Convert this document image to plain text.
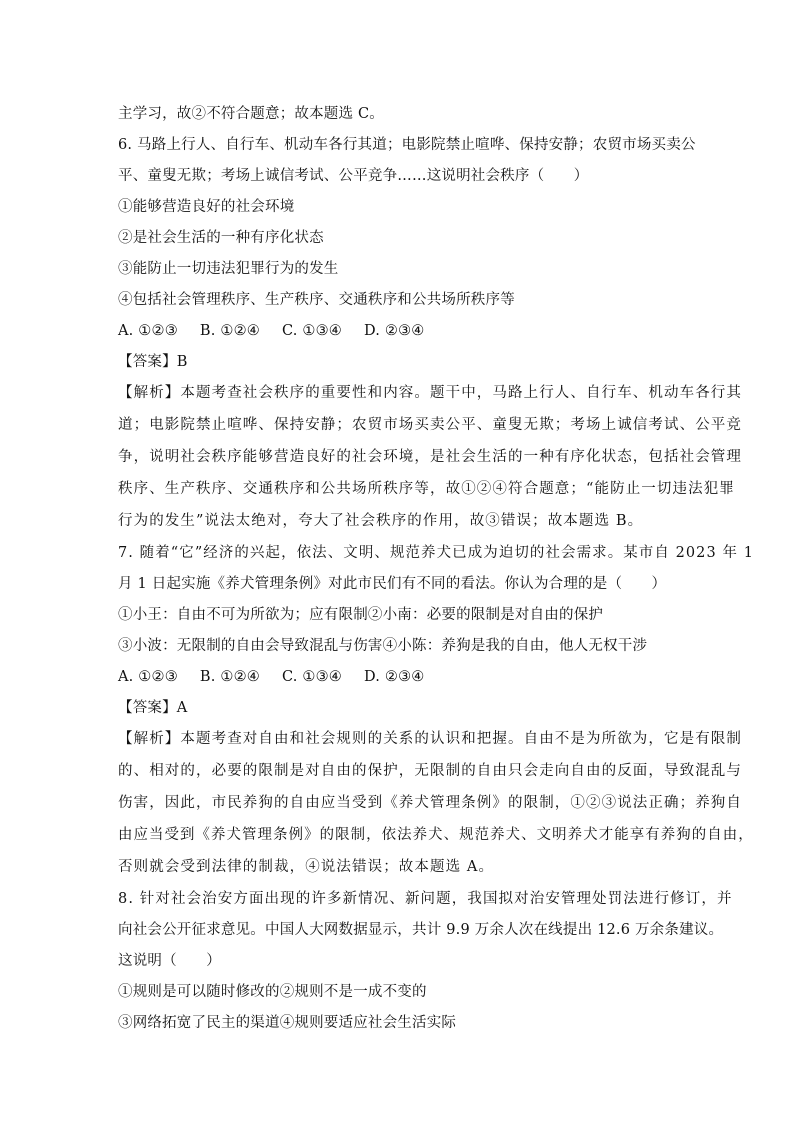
主学习，故②不符合题意；故本题选 C。
6. 马路上行人、自行车、机动车各行其道；电影院禁止喧哗、保持安静；农贸市场买卖公
平、童叟无欺；考场上诚信考试、公平竞争……这说明社会秩序（　　）
①能够营造良好的社会环境
②是社会生活的一种有序化状态
③能防止一切违法犯罪行为的发生
④包括社会管理秩序、生产秩序、交通秩序和公共场所秩序等
A. ①②③ B. ①②④ C. ①③④ D. ②③④
【答案】B
【解析】本题考查社会秩序的重要性和内容。题干中，马路上行人、自行车、机动车各行其
道；电影院禁止喧哗、保持安静；农贸市场买卖公平、童叟无欺；考场上诚信考试、公平竞
争，说明社会秩序能够营造良好的社会环境，是社会生活的一种有序化状态，包括社会管理
秩序、生产秩序、交通秩序和公共场所秩序等，故①②④符合题意；“能防止一切违法犯罪
行为的发生”说法太绝对，夸大了社会秩序的作用，故③错误；故本题选 B。
7. 随着“它”经济的兴起，依法、文明、规范养犬已成为迫切的社会需求。某市自 2023 年 1
月 1 日起实施《养犬管理条例》对此市民们有不同的看法。你认为合理的是（　　）
①小王：自由不可为所欲为；应有限制②小南：必要的限制是对自由的保护
③小波：无限制的自由会导致混乱与伤害④小陈：养狗是我的自由，他人无权干涉
A. ①②③ B. ①②④ C. ①③④ D. ②③④
【答案】A
【解析】本题考查对自由和社会规则的关系的认识和把握。自由不是为所欲为，它是有限制
的、相对的，必要的限制是对自由的保护，无限制的自由只会走向自由的反面，导致混乱与
伤害，因此，市民养狗的自由应当受到《养犬管理条例》的限制，①②③说法正确；养狗自
由应当受到《养犬管理条例》的限制，依法养犬、规范养犬、文明养犬才能享有养狗的自由，
否则就会受到法律的制裁，④说法错误；故本题选 A。
8. 针对社会治安方面出现的许多新情况、新问题，我国拟对治安管理处罚法进行修订，并
向社会公开征求意见。中国人大网数据显示，共计 9.9 万余人次在线提出 12.6 万余条建议。
这说明（　　）
①规则是可以随时修改的②规则不是一成不变的
③网络拓宽了民主的渠道④规则要适应社会生活实际
